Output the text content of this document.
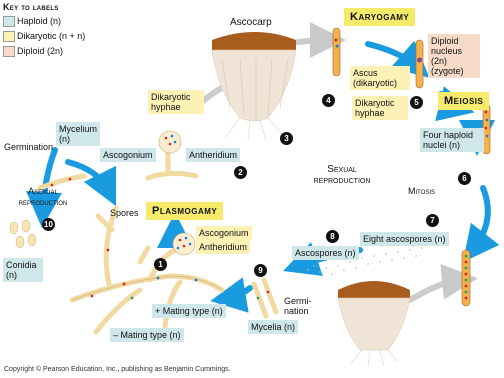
Key to labels
Haploid (n)
Dikaryotic (n + n)
Diploid (2n)
Karyogamy
Meiosis
Plasmogamy
Sexual reproduction
Asexual reproduction
Ascocarp
Dikaryotic hyphae
Ascus (dikaryotic)
Dikaryotic hyphae
Diploid nucleus (2n) (zygote)
Four haploid nuclei (n)
Mitosis
Eight ascospores (n)
Ascospores (n)
Germi- nation
Mycelia (n)
+ Mating type (n)
– Mating type (n)
Ascogonium
Antheridium
Ascogonium	Antheridium
Mycelium (n)
Germination
Spores
Conidia (n)
1
2
3
4	5
6
7
8
9
10
Copyright © Pearson Education, Inc., publishing as Benjamin Cummings.
